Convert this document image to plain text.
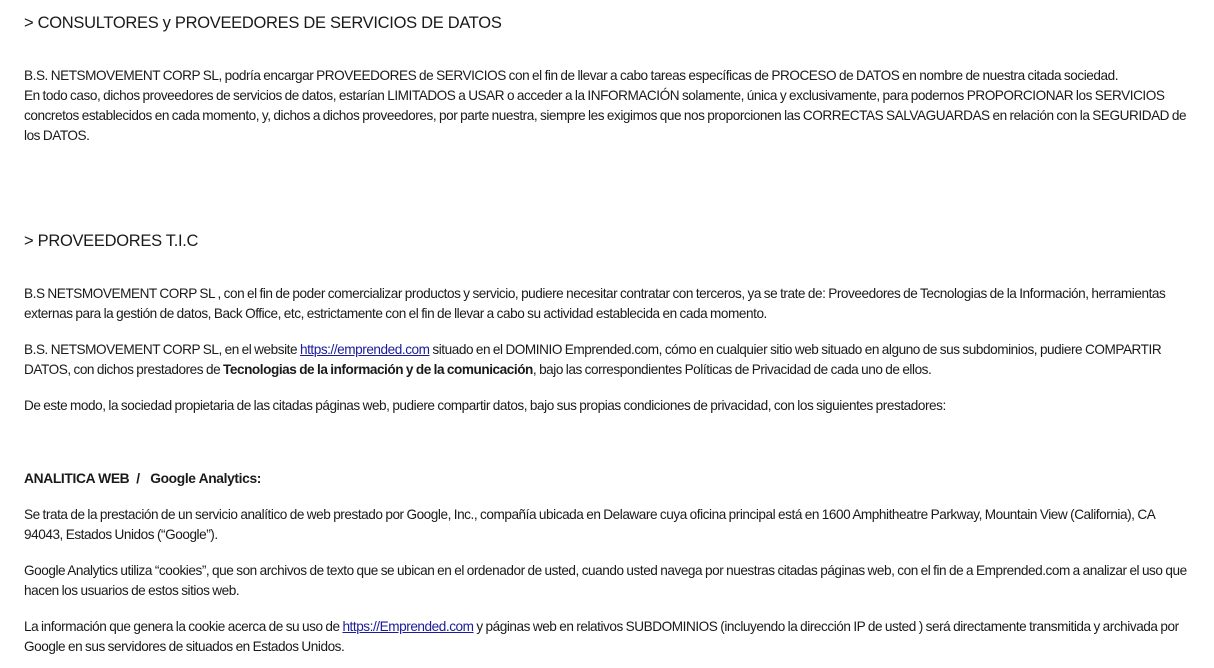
> CONSULTORES y PROVEEDORES DE SERVICIOS DE DATOS

B.S. NETSMOVEMENT CORP SL, podría encargar PROVEEDORES de SERVICIOS con el fin de llevar a cabo tareas específicas de PROCESO de DATOS en nombre de nuestra citada sociedad.

En todo caso, dichos proveedores de servicios de datos, estarían LIMITADOS a USAR o acceder a la INFORMACIÓN solamente, única y exclusivamente, para podernos PROPORCIONAR los SERVICIOS concretos establecidos en cada momento, y, dichos a dichos proveedores, por parte nuestra, siempre les exigimos que nos proporcionen las CORRECTAS SALVAGUARDAS en relación con la SEGURIDAD de los DATOS.

> PROVEEDORES T.I.C

B.S NETSMOVEMENT CORP SL , con el fin de poder comercializar productos y servicio, pudiere necesitar contratar con terceros, ya se trate de: Proveedores de Tecnologias de la Información, herramientas externas para la gestión de datos, Back Office, etc, estrictamente con el fin de llevar a cabo su actividad establecida en cada momento.

B.S. NETSMOVEMENT CORP SL, en el website https://emprended.com situado en el DOMINIO Emprended.com, cómo en cualquier sitio web situado en alguno de sus subdominios, pudiere COMPARTIR DATOS, con dichos prestadores de Tecnologias de la información y de la comunicación, bajo las correspondientes Políticas de Privacidad de cada uno de ellos.

De este modo, la sociedad propietaria de las citadas páginas web, pudiere compartir datos, bajo sus propias condiciones de privacidad, con los siguientes prestadores:

ANALITICA WEB  /   Google Analytics:

Se trata de la prestación de un servicio analítico de web prestado por Google, Inc., compañía ubicada en Delaware cuya oficina principal está en 1600 Amphitheatre Parkway, Mountain View (California), CA 94043, Estados Unidos (“Google”).

Google Analytics utiliza “cookies”, que son archivos de texto que se ubican en el ordenador de usted, cuando usted navega por nuestras citadas páginas web, con el fin de a Emprended.com a analizar el uso que hacen los usuarios de estos sitios web.

La información que genera la cookie acerca de su uso de https://Emprended.com y páginas web en relativos SUBDOMINIOS (incluyendo la dirección IP de usted ) será directamente transmitida y archivada por Google en sus servidores de situados en Estados Unidos.
